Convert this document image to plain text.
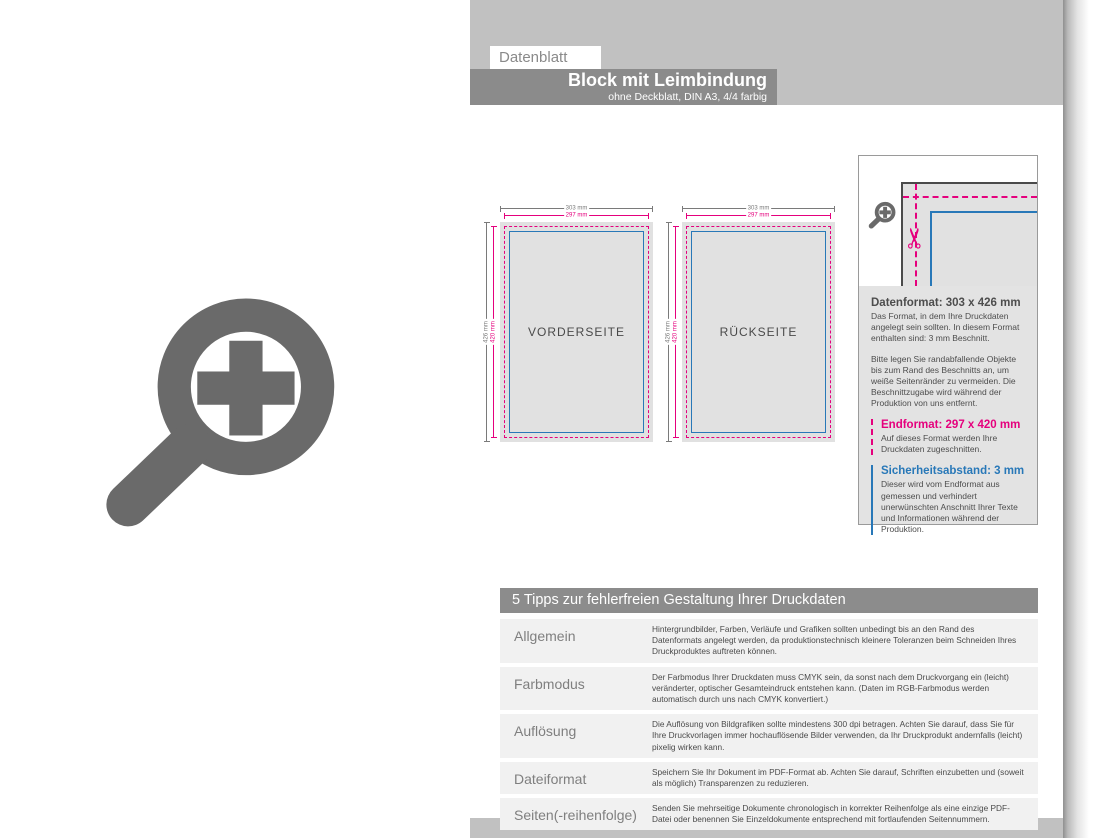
Datenblatt
Block mit Leimbindung
ohne Deckblatt, DIN A3, 4/4 farbig
303 mm
297 mm
426 mm 420 mm	VORDERSEITE
303 mm
297 mm
426 mm 420 mm	RÜCKSEITE
✂
Datenformat: 303 x 426 mm

Das Format, in dem Ihre Druckdaten angelegt sein sollten. In diesem Format enthalten sind: 3 mm Beschnitt.

Bitte legen Sie randabfallende Objekte bis zum Rand des Beschnitts an, um weiße Seitenränder zu vermeiden. Die Beschnittzugabe wird während der Produktion von uns entfernt.

Endformat: 297 x 420 mm

Auf dieses Format werden Ihre Druckdaten zugeschnitten.

Sicherheitsabstand: 3 mm

Dieser wird vom Endformat aus gemessen und verhindert unerwünschten Anschnitt Ihrer Texte und Informationen während der Produktion.

5 Tipps zur fehlerfreien Gestaltung Ihrer Druckdaten
Allgemein	Hintergrundbilder, Farben, Verläufe und Grafiken sollten unbedingt bis an den Rand des Datenformats angelegt werden, da produktionstechnisch kleinere Toleranzen beim Schneiden Ihres Druckproduktes auftreten können.
Farbmodus	Der Farbmodus Ihrer Druckdaten muss CMYK sein, da sonst nach dem Druckvorgang ein (leicht) veränderter, optischer Gesamteindruck entstehen kann. (Daten im RGB-Farbmodus werden automatisch durch uns nach CMYK konvertiert.)
Auflösung	Die Auflösung von Bildgrafiken sollte mindestens 300 dpi betragen. Achten Sie darauf, dass Sie für Ihre Druckvorlagen immer hochauflösende Bilder verwenden, da Ihr Druckprodukt andernfalls (leicht) pixelig wirken kann.
Dateiformat	Speichern Sie Ihr Dokument im PDF-Format ab. Achten Sie darauf, Schriften einzubetten und (soweit als möglich) Transparenzen zu reduzieren.
Seiten(-reihenfolge)	Senden Sie mehrseitige Dokumente chronologisch in korrekter Reihenfolge als eine einzige PDF-Datei oder benennen Sie Einzeldokumente entsprechend mit fortlaufenden Seitennummern.
